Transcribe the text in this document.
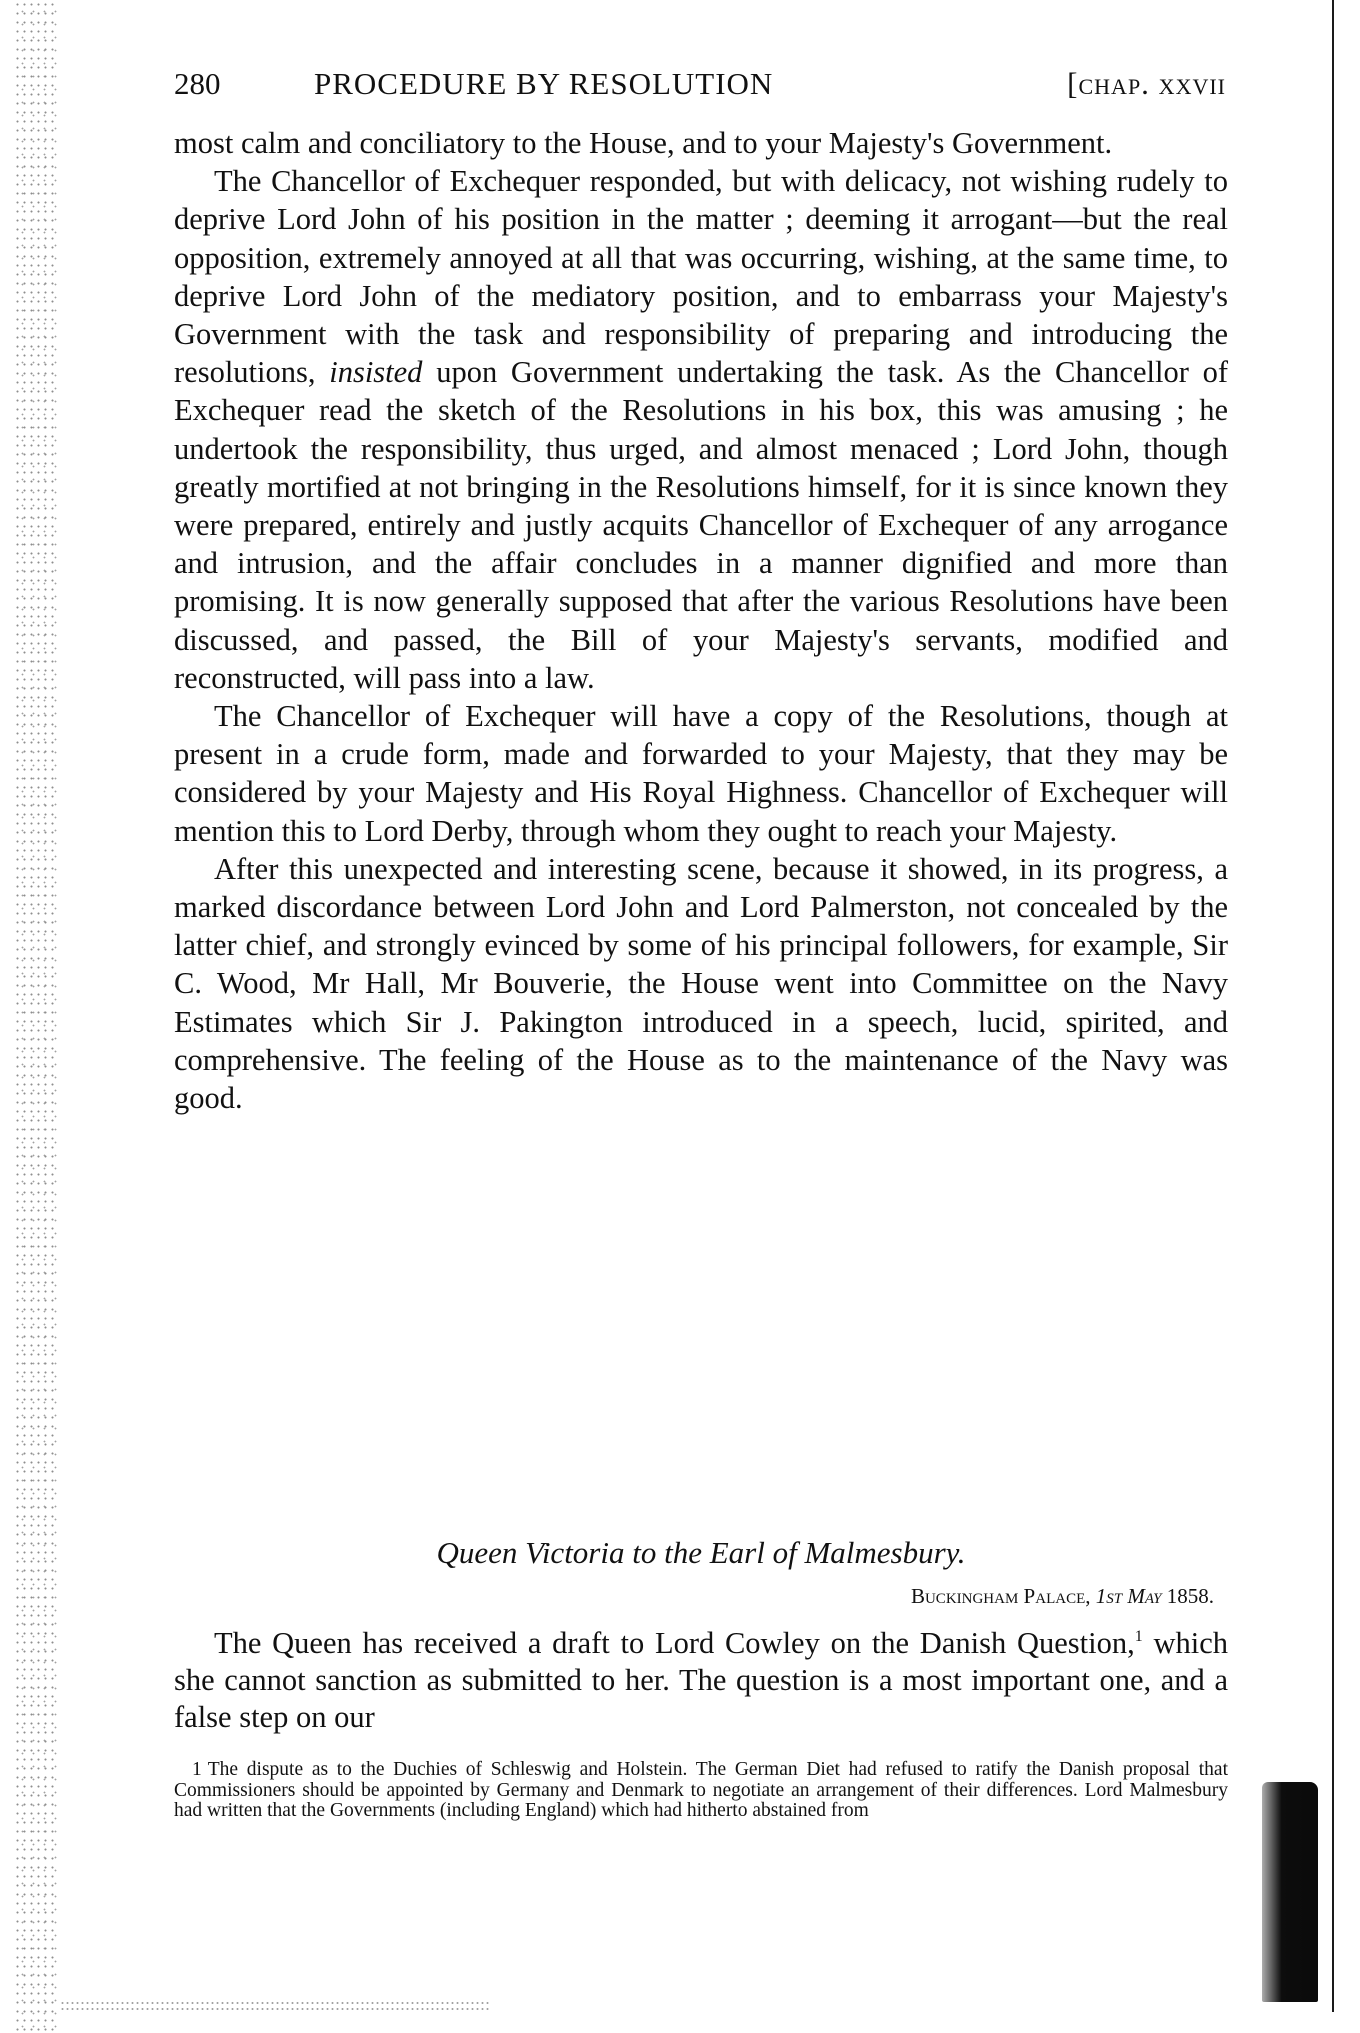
280	PROCEDURE BY RESOLUTION	[chap. xxvii

most calm and conciliatory to the House, and to your Majesty's Government.

The Chancellor of Exchequer responded, but with delicacy, not wishing rudely to deprive Lord John of his position in the matter ; deeming it arrogant—but the real opposition, extremely annoyed at all that was occurring, wishing, at the same time, to deprive Lord John of the mediatory position, and to embarrass your Majesty's Government with the task and responsibility of preparing and introducing the resolutions, insisted upon Government undertaking the task. As the Chancellor of Exchequer read the sketch of the Resolutions in his box, this was amusing ; he undertook the responsibility, thus urged, and almost menaced ; Lord John, though greatly mortified at not bringing in the Resolutions himself, for it is since known they were prepared, entirely and justly acquits Chancellor of Exchequer of any arrogance and intrusion, and the affair concludes in a manner dignified and more than promising. It is now generally supposed that after the various Resolutions have been discussed, and passed, the Bill of your Majesty's servants, modified and reconstructed, will pass into a law.

The Chancellor of Exchequer will have a copy of the Resolutions, though at present in a crude form, made and forwarded to your Majesty, that they may be considered by your Majesty and His Royal Highness. Chancellor of Exchequer will mention this to Lord Derby, through whom they ought to reach your Majesty.

After this unexpected and interesting scene, because it showed, in its progress, a marked discordance between Lord John and Lord Palmerston, not concealed by the latter chief, and strongly evinced by some of his principal followers, for example, Sir C. Wood, Mr Hall, Mr Bouverie, the House went into Committee on the Navy Estimates which Sir J. Pakington introduced in a speech, lucid, spirited, and comprehensive. The feeling of the House as to the maintenance of the Navy was good.

Queen Victoria to the Earl of Malmesbury.
Buckingham Palace, 1st May 1858.

The Queen has received a draft to Lord Cowley on the Danish Question,$^1$ which she cannot sanction as submitted to her. The question is a most important one, and a false step on our

1 The dispute as to the Duchies of Schleswig and Holstein. The German Diet had refused to ratify the Danish proposal that Commissioners should be appointed by Germany and Denmark to negotiate an arrangement of their differences. Lord Malmesbury had written that the Governments (including England) which had hitherto abstained from
